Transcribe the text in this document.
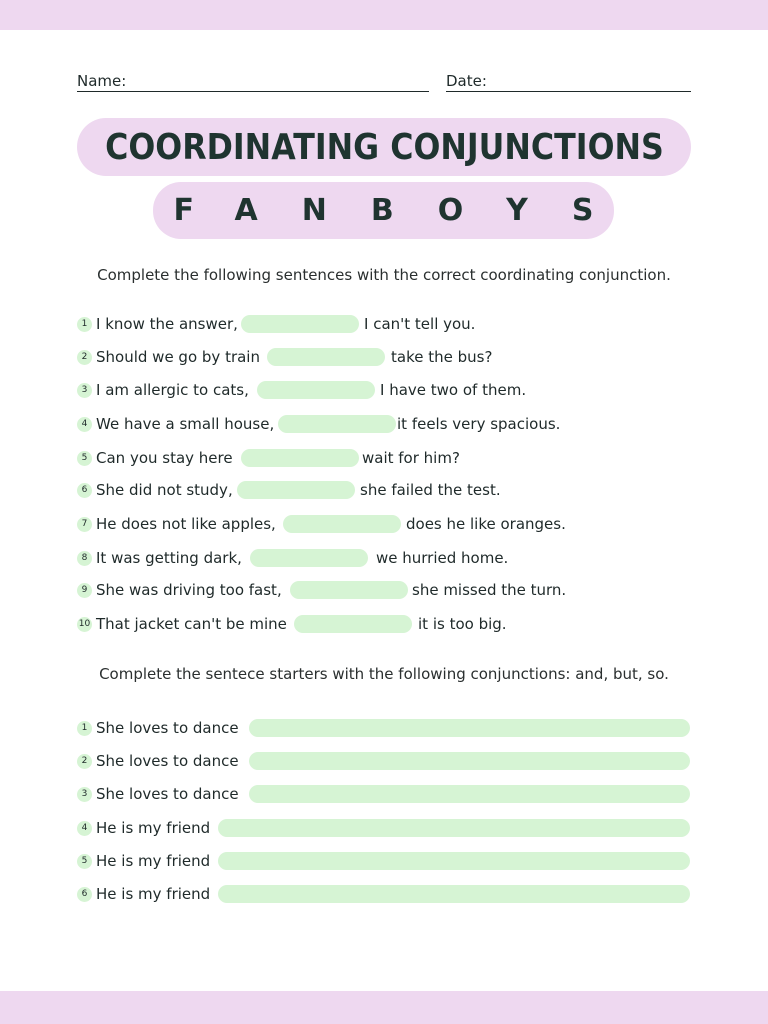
Name:	Date:
COORDINATING CONJUNCTIONS
FANBOYS
Complete the following sentences with the correct coordinating conjunction.
1 I know the answer,	I can't tell you.
2 Should we go by train	take the bus?
3 I am allergic to cats,	I have two of them.
4 We have a small house,	it feels very spacious.
5 Can you stay here	wait for him?
6 She did not study,	she failed the test.
7 He does not like apples,	does he like oranges.
8 It was getting dark,	we hurried home.
9 She was driving too fast,	she missed the turn.
10 That jacket can't be mine	it is too big.
Complete the sentece starters with the following conjunctions: and, but, so.
1 She loves to dance
2 She loves to dance
3 She loves to dance
4 He is my friend
5 He is my friend
6 He is my friend
